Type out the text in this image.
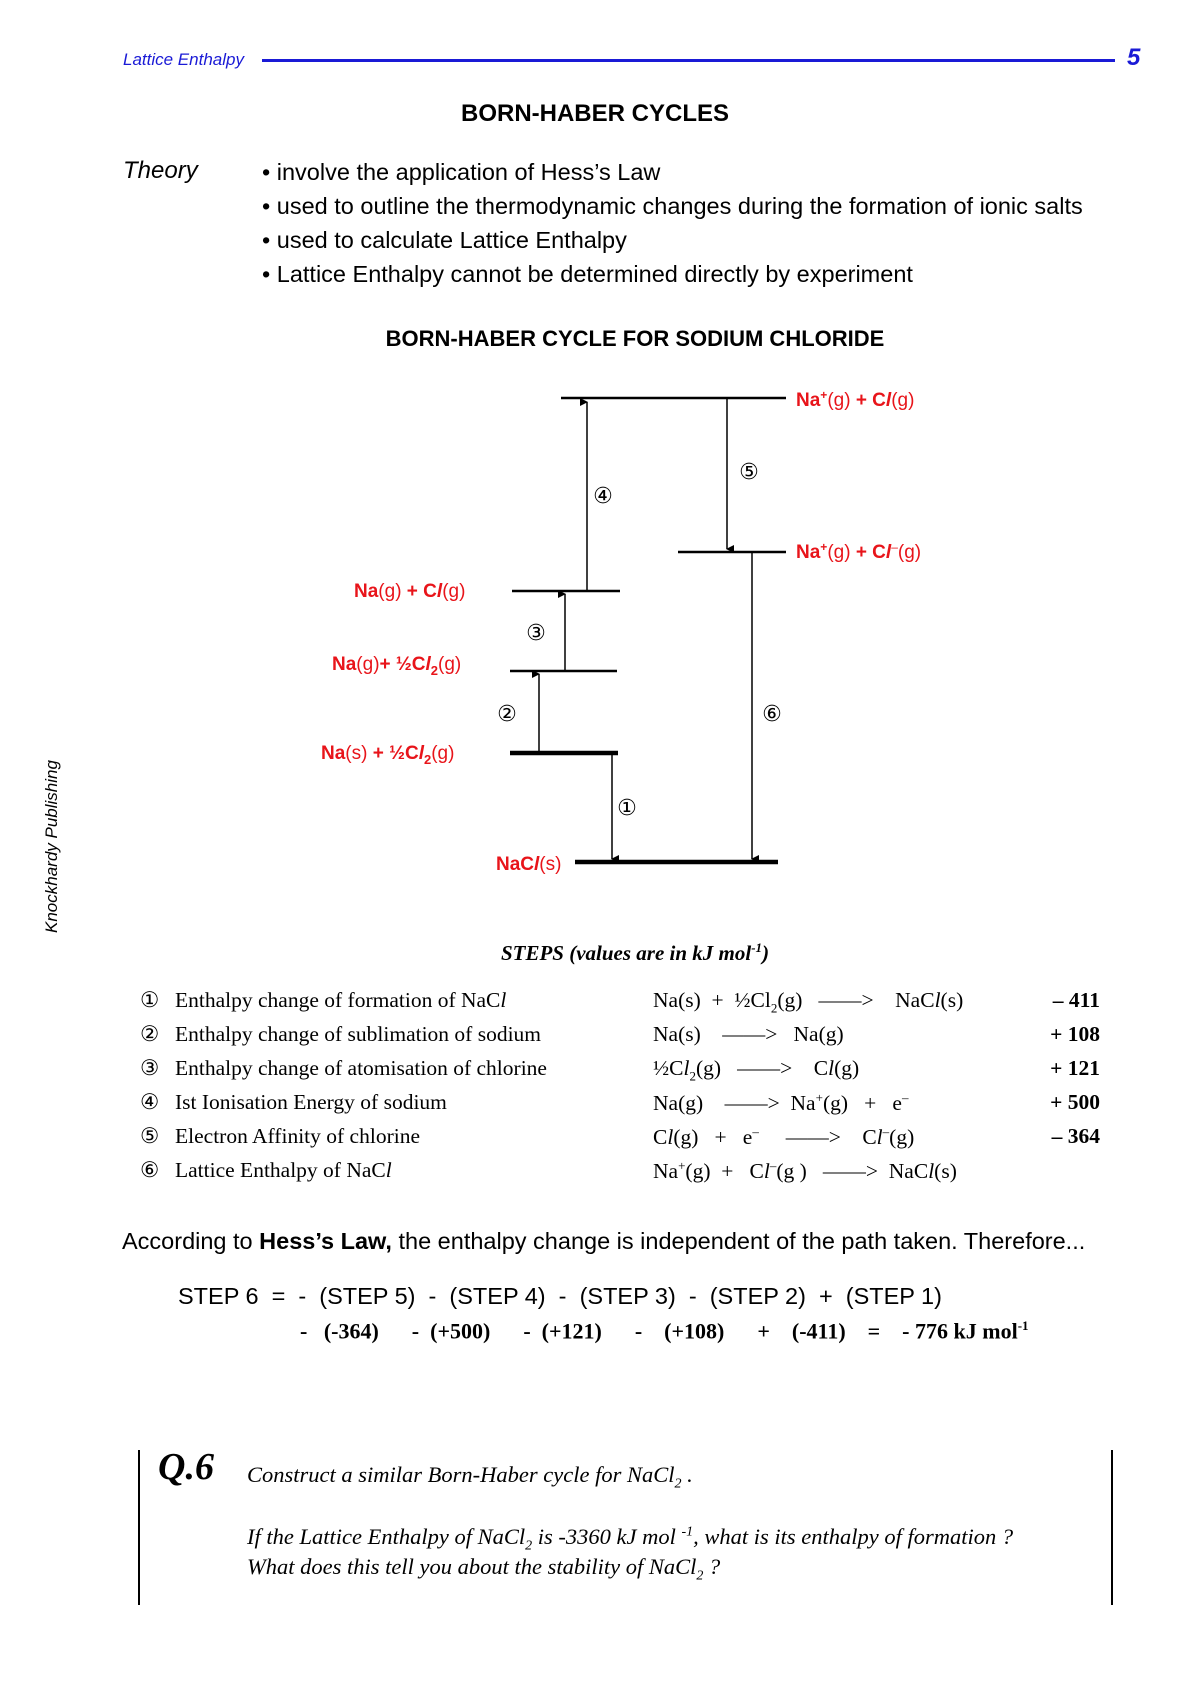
Lattice Enthalpy	5
Knockhardy Publishing
BORN-HABER CYCLES
Theory
•	involve the application of Hess’s Law
• used to outline the thermodynamic changes during the formation of ionic salts
• used to calculate Lattice Enthalpy
• Lattice Enthalpy cannot be determined directly by experiment
BORN-HABER CYCLE FOR SODIUM CHLORIDE
④
⑤
③
②	⑥
①
Na+(g) + Cl(g)
Na+(g) + Cl–(g)
Na(g) + Cl(g)
$Na(g)+ \frac{1}{2}Cl_2(g)$
$Na(s) + \frac{1}{2}Cl_2(g)$
NaCl(s)
STEPS (values are in kJ mol$^{-1}$)
① Enthalpy change of formation of NaCl	$Na(s) + \frac{1}{2}Cl_2(g)$   ——>    NaCl(s)	– 411
② Enthalpy change of sublimation of sodium	Na(s)    ——>   Na(g)	+ 108
③ Enthalpy change of atomisation of chlorine	$\frac{1}{2}Cl_2(g)$   ——>    Cl(g)	+ 121
④ Ist Ionisation Energy of sodium	Na(g)    ——>  Na+(g)   +   e–	+ 500
⑤ Electron Affinity of chlorine	Cl(g)   +   e–     ——>    Cl–(g)	– 364
⑥ Lattice Enthalpy of NaCl	Na+(g)  +   Cl–(g )   ——>  NaCl(s)
According to Hess’s Law, the enthalpy change is independent of the path taken. Therefore...
STEP 6  =  -  (STEP 5)  -  (STEP 4)  -  (STEP 3)  -  (STEP 2)  +  (STEP 1)
-   (-364)      -  (+500)      -  (+121)      -    (+108)      +    (-411)    =    - 776 kJ mol$^{-1}$
Q.6 Construct a similar Born-Haber cycle for NaCl$_2$ .
If the Lattice Enthalpy of NaCl$_2$ is -3360 kJ mol $^{-1}$, what is its enthalpy of formation ?
What does this tell you about the stability of NaCl$_2$ ?
